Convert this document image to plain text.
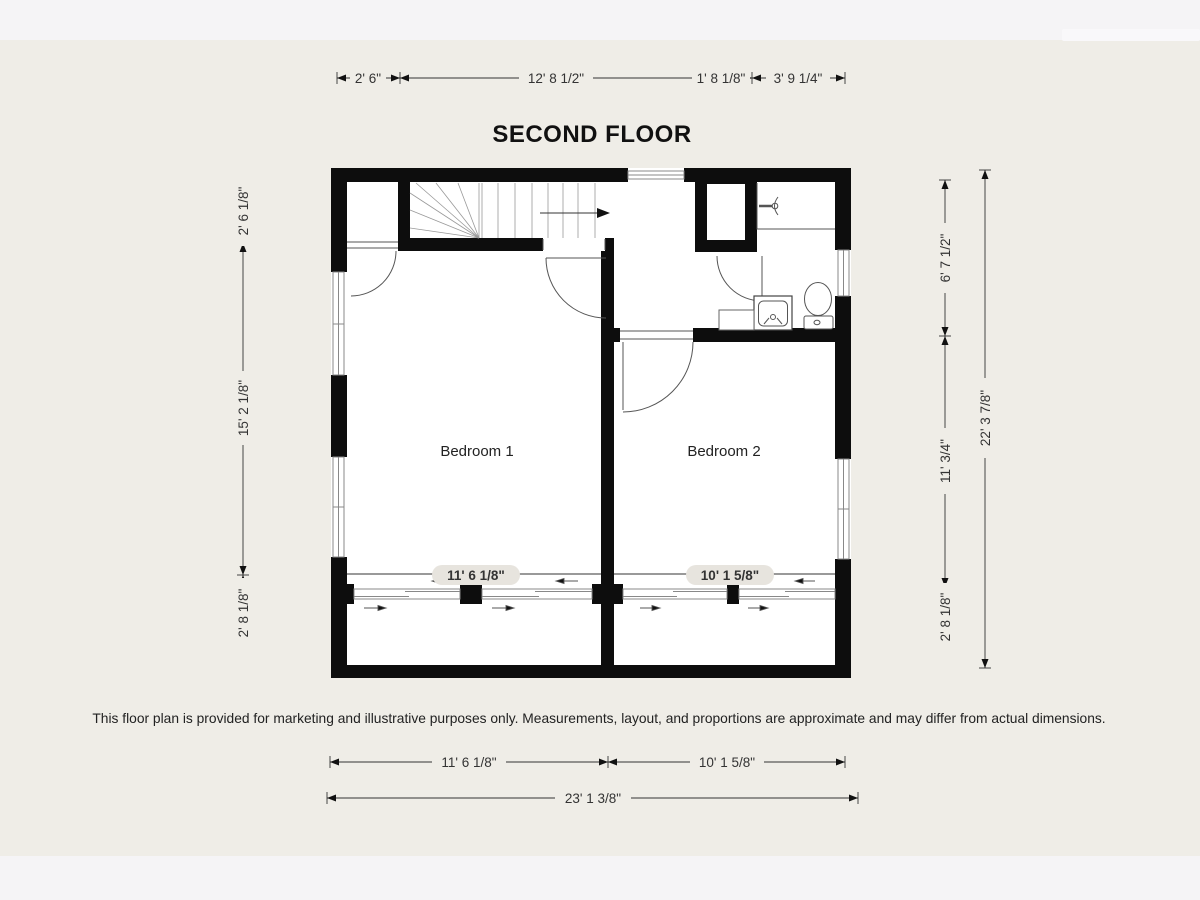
SECOND FLOOR
Bedroom 1	Bedroom 2
11' 6 1/8"	10' 1 5/8"
2' 6"	12' 8 1/2"	1' 8 1/8" 3' 9 1/4"
2' 6 1/8"
15' 2 1/8"
2' 8 1/8"
6' 7 1/2"
11' 3/4"
2' 8 1/8"
22' 3 7/8"
11' 6 1/8"	10' 1 5/8"
23' 1 3/8"
This floor plan is provided for marketing and illustrative purposes only. Measurements, layout, and proportions are approximate and may differ from actual dimensions.
